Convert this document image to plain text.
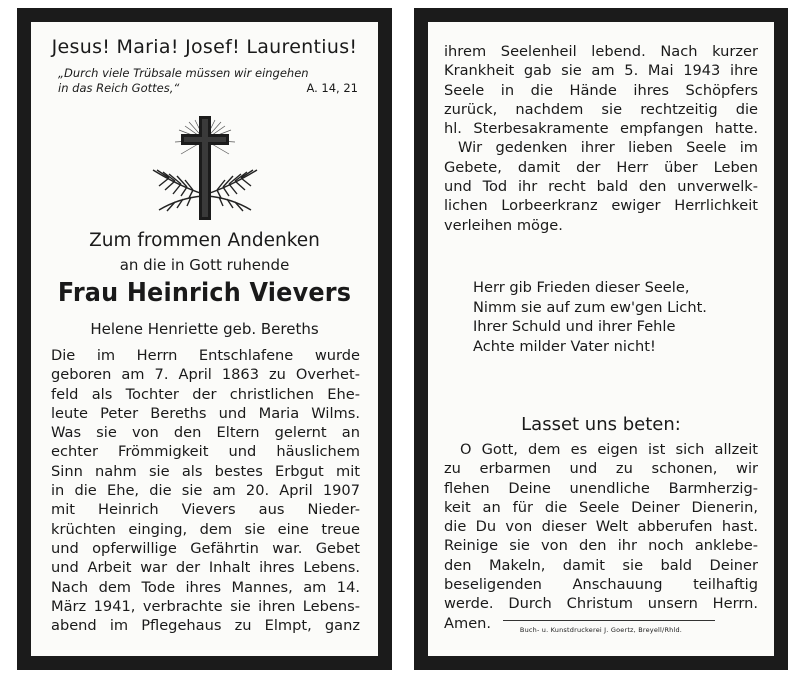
Jesus! Maria! Josef! Laurentius!
„Durch viele Trübsale müssen wir eingehen
in das Reich Gottes,“	A. 14, 21
Zum frommen Andenken
an die in Gott ruhende
Frau Heinrich Vievers
Helene Henriette geb. Bereths
Die im Herrn Entschlafene wurde
geboren am 7. April 1863 zu Overhet-
feld als Tochter der christlichen Ehe-
leute Peter Bereths und Maria Wilms.
Was sie von den Eltern gelernt an
echter Frömmigkeit und häuslichem
Sinn nahm sie als bestes Erbgut mit
in die Ehe, die sie am 20. April 1907
mit Heinrich Vievers aus Nieder-
krüchten einging, dem sie eine treue
und opferwillige Gefährtin war. Gebet
und Arbeit war der Inhalt ihres Lebens.
Nach dem Tode ihres Mannes, am 14.
März 1941, verbrachte sie ihren Lebens-
abend im Pflegehaus zu Elmpt, ganz
ihrem Seelenheil lebend. Nach kurzer
Krankheit gab sie am 5. Mai 1943 ihre
Seele in die Hände ihres Schöpfers
zurück, nachdem sie rechtzeitig die
hl. Sterbesakramente empfangen hatte.
Wir gedenken ihrer lieben Seele im
Gebete, damit der Herr über Leben
und Tod ihr recht bald den unverwelk-
lichen Lorbeerkranz ewiger Herrlichkeit
verleihen möge.
Herr gib Frieden dieser Seele,
Nimm sie auf zum ew'gen Licht.
Ihrer Schuld und ihrer Fehle
Achte milder Vater nicht!
Lasset uns beten:
O Gott, dem es eigen ist sich allzeit
zu erbarmen und zu schonen, wir
flehen Deine unendliche Barmherzig-
keit an für die Seele Deiner Dienerin,
die Du von dieser Welt abberufen hast.
Reinige sie von den ihr noch anklebe-
den Makeln, damit sie bald Deiner
beseligenden Anschauung teilhaftig
werde. Durch Christum unsern Herrn.
Amen.	Buch- u. Kunstdruckerei J. Goertz, Breyell/Rhld.
